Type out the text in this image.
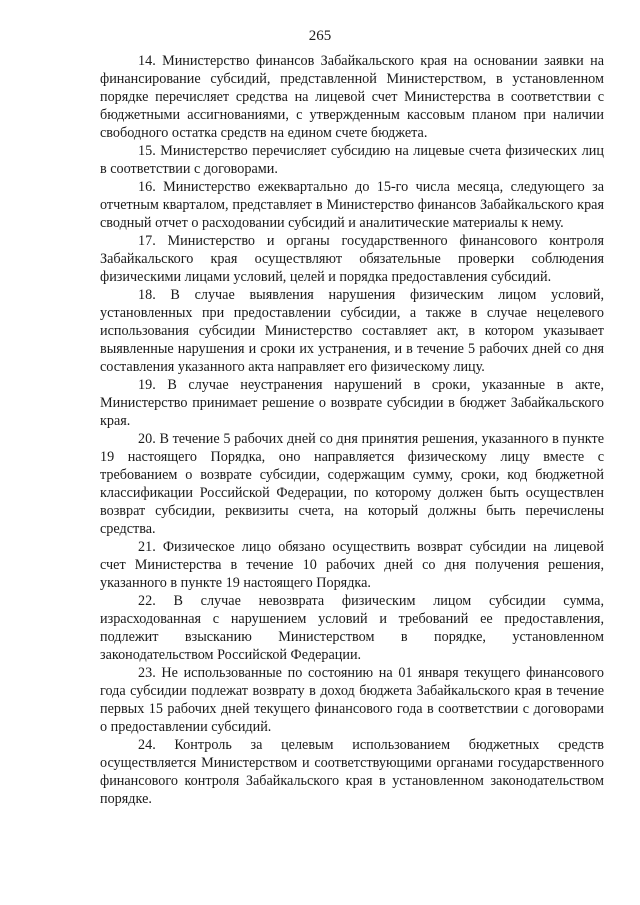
265

14. Министерство финансов Забайкальского края на основании заявки на финансирование субсидий, представленной Министерством, в установленном порядке перечисляет средства на лицевой счет Министерства в соответствии с бюджетными ассигнованиями, с утвержденным кассовым планом при наличии свободного остатка средств на едином счете бюджета.

15. Министерство перечисляет субсидию на лицевые счета физических лиц в соответствии с договорами.

16. Министерство ежеквартально до 15-го числа месяца, следующего за отчетным кварталом, представляет в Министерство финансов Забайкальского края сводный отчет о расходовании субсидий и аналитические материалы к нему.

17. Министерство и органы государственного финансового контроля Забайкальского края осуществляют обязательные проверки соблюдения физическими лицами условий, целей и порядка предоставления субсидий.

18. В случае выявления нарушения физическим лицом условий, установленных при предоставлении субсидии, а также в случае нецелевого использования субсидии Министерство составляет акт, в котором указывает выявленные нарушения и сроки их устранения, и в течение 5 рабочих дней со дня составления указанного акта направляет его физическому лицу.

19. В случае неустранения нарушений в сроки, указанные в акте, Министерство принимает решение о возврате субсидии в бюджет Забайкальского края.

20. В течение 5 рабочих дней со дня принятия решения, указанного в пункте 19 настоящего Порядка, оно направляется физическому лицу вместе с требованием о возврате субсидии, содержащим сумму, сроки, код бюджетной классификации Российской Федерации, по которому должен быть осуществлен возврат субсидии, реквизиты счета, на который должны быть перечислены средства.

21. Физическое лицо обязано осуществить возврат субсидии на лицевой счет Министерства в течение 10 рабочих дней со дня получения решения, указанного в пункте 19 настоящего Порядка.

22. В случае невозврата физическим лицом субсидии сумма, израсходованная с нарушением условий и требований ее предоставления, подлежит взысканию Министерством в порядке, установленном законодательством Российской Федерации.

23. Не использованные по состоянию на 01 января текущего финансового года субсидии подлежат возврату в доход бюджета Забайкальского края в течение первых 15 рабочих дней текущего финансового года в соответствии с договорами о предоставлении субсидий.

24. Контроль за целевым использованием бюджетных средств осуществляется Министерством и соответствующими органами государственного финансового контроля Забайкальского края в установленном законодательством порядке.
